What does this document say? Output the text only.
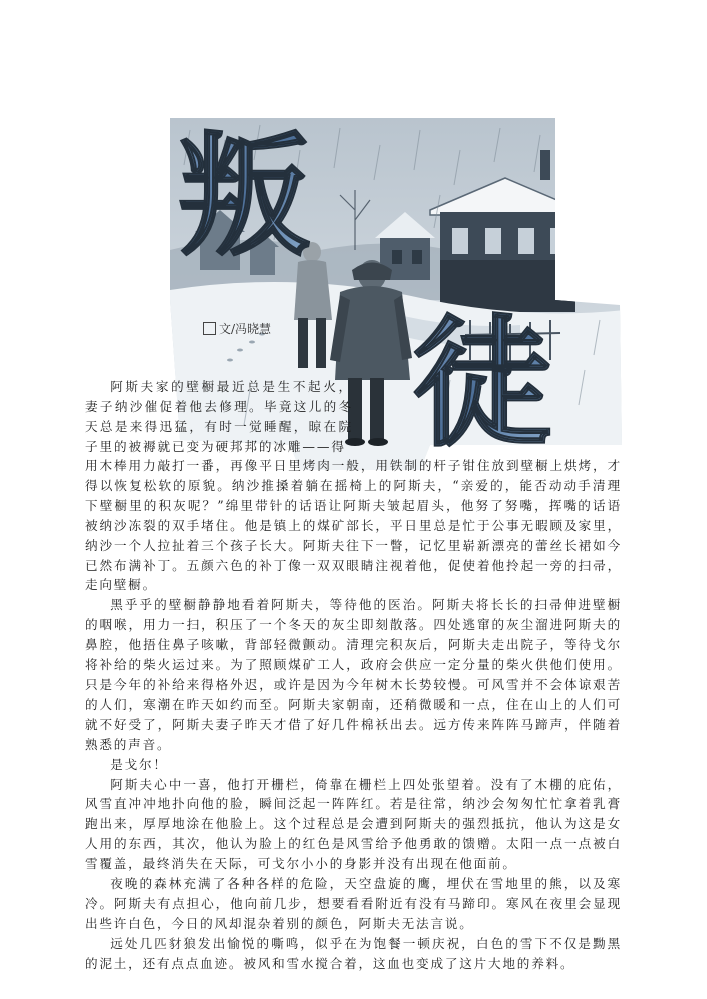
叛
徒
文/冯晓慧

阿斯夫家的壁橱最近总是生不起火，妻子纳沙催促着他去修理。毕竟这儿的冬天总是来得迅猛，有时一觉睡醒，晾在院子里的被褥就已变为硬邦邦的冰雕——得

用木棒用力敲打一番，再像平日里烤肉一般，用铁制的杆子钳住放到壁橱上烘烤，才得以恢复松软的原貌。纳沙推搡着躺在摇椅上的阿斯夫，“亲爱的，能否动动手清理下壁橱里的积灰呢？”绵里带针的话语让阿斯夫皱起眉头，他努了努嘴，挥嘴的话语被纳沙冻裂的双手堵住。他是镇上的煤矿部长，平日里总是忙于公事无暇顾及家里，纳沙一个人拉扯着三个孩子长大。阿斯夫往下一瞥，记忆里崭新漂亮的蕾丝长裙如今已然布满补丁。五颜六色的补丁像一双双眼睛注视着他，促使着他拎起一旁的扫帚，走向壁橱。

黑乎乎的壁橱静静地看着阿斯夫，等待他的医治。阿斯夫将长长的扫帚伸进壁橱的咽喉，用力一扫，积压了一个冬天的灰尘即刻散落。四处逃窜的灰尘溜进阿斯夫的鼻腔，他捂住鼻子咳嗽，背部轻微颤动。清理完积灰后，阿斯夫走出院子，等待戈尔将补给的柴火运过来。为了照顾煤矿工人，政府会供应一定分量的柴火供他们使用。只是今年的补给来得格外迟，或许是因为今年树木长势较慢。可风雪并不会体谅艰苦的人们，寒潮在昨天如约而至。阿斯夫家朝南，还稍微暖和一点，住在山上的人们可就不好受了，阿斯夫妻子昨天才借了好几件棉袄出去。远方传来阵阵马蹄声，伴随着熟悉的声音。

是戈尔！

阿斯夫心中一喜，他打开栅栏，倚靠在栅栏上四处张望着。没有了木棚的庇佑，风雪直冲冲地扑向他的脸，瞬间泛起一阵阵红。若是往常，纳沙会匆匆忙忙拿着乳膏跑出来，厚厚地涂在他脸上。这个过程总是会遭到阿斯夫的强烈抵抗，他认为这是女人用的东西，其次，他认为脸上的红色是风雪给予他勇敢的馈赠。太阳一点一点被白雪覆盖，最终消失在天际，可戈尔小小的身影并没有出现在他面前。

夜晚的森林充满了各种各样的危险，天空盘旋的鹰，埋伏在雪地里的熊，以及寒冷。阿斯夫有点担心，他向前几步，想要看看附近有没有马蹄印。寒风在夜里会显现出些许白色，今日的风却混杂着别的颜色，阿斯夫无法言说。

远处几匹豺狼发出愉悦的嘶鸣，似乎在为饱餐一顿庆祝，白色的雪下不仅是黝黑的泥土，还有点点血迹。被风和雪水搅合着，这血也变成了这片大地的养料。
